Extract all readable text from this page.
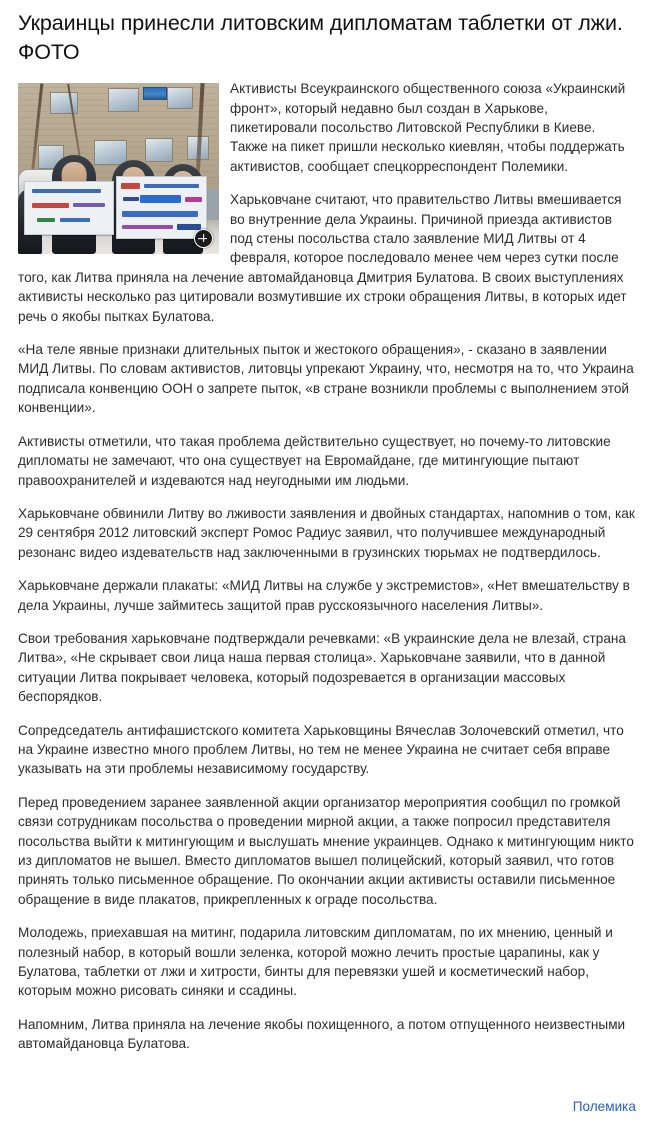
Украинцы принесли литовским дипломатам таблетки от лжи. ФОТО

Активисты Всеукраинского общественного союза «Украинский фронт», который недавно был создан в Харькове, пикетировали посольство Литовской Республики в Киеве. Также на пикет пришли несколько киевлян, чтобы поддержать активистов, сообщает спецкорреспондент Полемики.

Харьковчане считают, что правительство Литвы вмешивается во внутренние дела Украины. Причиной приезда активистов под стены посольства стало заявление МИД Литвы от 4 февраля, которое последовало менее чем через сутки после того, как Литва приняла на лечение автомайдановца Дмитрия Булатова. В своих выступлениях активисты несколько раз цитировали возмутившие их строки обращения Литвы, в которых идет речь о якобы пытках Булатова.

«На теле явные признаки длительных пыток и жестокого обращения», - сказано в заявлении МИД Литвы. По словам активистов, литовцы упрекают Украину, что, несмотря на то, что Украина подписала конвенцию ООН о запрете пыток, «в стране возникли проблемы с выполнением этой конвенции».

Активисты отметили, что такая проблема действительно существует, но почему-то литовские дипломаты не замечают, что она существует на Евромайдане, где митингующие пытают правоохранителей и издеваются над неугодными им людьми.

Харьковчане обвинили Литву во лживости заявления и двойных стандартах, напомнив о том, как 29 сентября 2012 литовский эксперт Ромос Радиус заявил, что получившее международный резонанс видео издевательств над заключенными в грузинских тюрьмах не подтвердилось.

Харьковчане держали плакаты: «МИД Литвы на службе у экстремистов», «Нет вмешательству в дела Украины, лучше займитесь защитой прав русскоязычного населения Литвы».

Свои требования харьковчане подтверждали речевками: «В украинские дела не влезай, страна Литва», «Не скрывает свои лица наша первая столица». Харьковчане заявили, что в данной ситуации Литва покрывает человека, который подозревается в организации массовых беспорядков.

Сопредседатель антифашистского комитета Харьковщины Вячеслав Золочевский отметил, что на Украине известно много проблем Литвы, но тем не менее Украина не считает себя вправе указывать на эти проблемы независимому государству.

Перед проведением заранее заявленной акции организатор мероприятия сообщил по громкой связи сотрудникам посольства о проведении мирной акции, а также попросил представителя посольства выйти к митингующим и выслушать мнение украинцев. Однако к митингующим никто из дипломатов не вышел. Вместо дипломатов вышел полицейский, который заявил, что готов принять только письменное обращение. По окончании акции активисты оставили письменное обращение в виде плакатов, прикрепленных к ограде посольства.

Молодежь, приехавшая на митинг, подарила литовским дипломатам, по их мнению, ценный и полезный набор, в который вошли зеленка, которой можно лечить простые царапины, как у Булатова, таблетки от лжи и хитрости, бинты для перевязки ушей и косметический набор, которым можно рисовать синяки и ссадины.

Напомним, Литва приняла на лечение якобы похищенного, а потом отпущенного неизвестными автомайдановца Булатова.

Полемика
